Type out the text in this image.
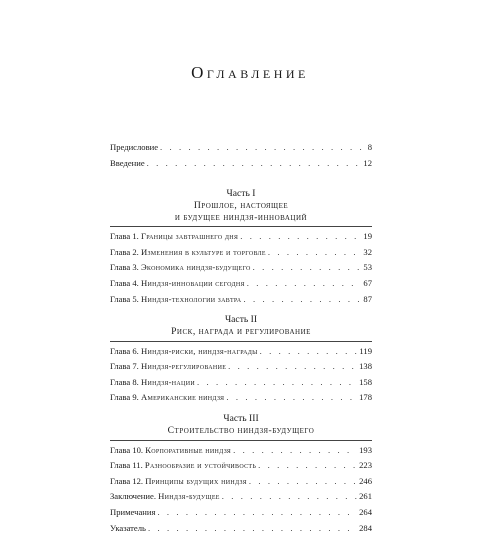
Оглавление
Предисловие . . .	8
Введение . . .	12
Часть I
Прошлое, настоящее
и будущее ниндзя-инноваций
Глава 1. Границы завтрашнего дня . . .	19
Глава 2. Изменения в культуре и торговле . . .	32
Глава 3. Экономика ниндзя-будущего . . .	53
Глава 4. Ниндзя-инновации сегодня . . .	67
Глава 5. Ниндзя-технологии завтра . . .	87
Часть II
Риск, награда и регулирование
Глава 6. Ниндзя-риски, ниндзя-награды . . .	119
Глава 7. Ниндзя-регулирование . . .	138
Глава 8. Ниндзя-нации . . .	158
Глава 9. Американские ниндзя . . .	178
Часть III
Строительство ниндзя-будущего
Глава 10. Корпоративные ниндзя . . .	193
Глава 11. Разнообразие и устойчивость . . .	223
Глава 12. Принципы будущих ниндзя . . .	246
Заключение. Ниндзя-будущее . . .	261
Примечания . . .	264
Указатель . . .	284
